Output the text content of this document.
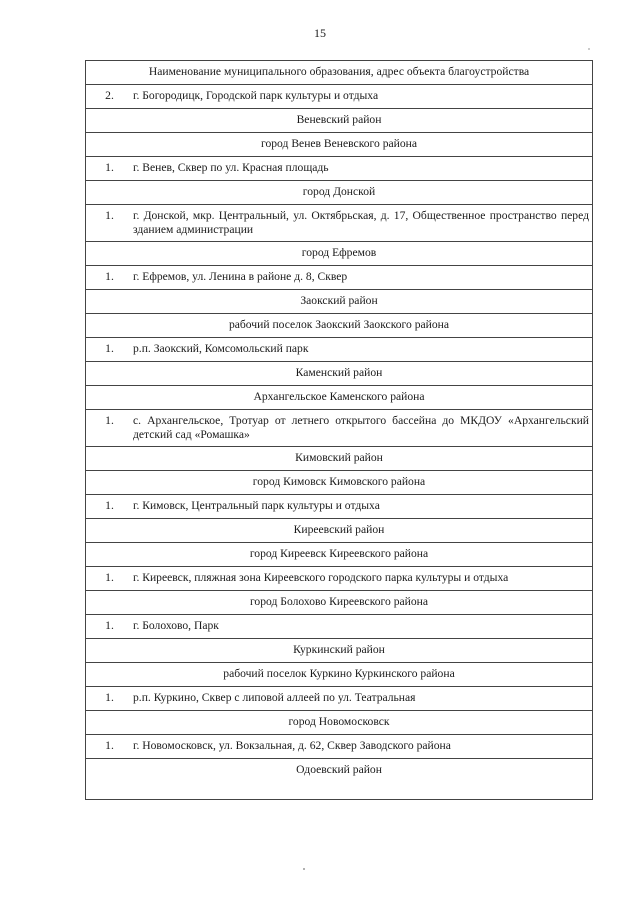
15
Наименование муниципального образования, адрес объекта благоустройства

2.	г. Богородицк, Городской парк культуры и отдыха

Веневский район
город Венев Веневского района

1.	г. Венев, Сквер по ул. Красная площадь

город Донской

1.	г. Донской, мкр. Центральный, ул. Октябрьская, д. 17, Общественное пространство перед зданием администрации

город Ефремов

1.	г. Ефремов, ул. Ленина в районе д. 8, Сквер

Заокский район
рабочий поселок Заокский Заокского района

1.	р.п. Заокский, Комсомольский парк

Каменский район
Архангельское Каменского района

1.	с. Архангельское, Тротуар от летнего открытого бассейна до МКДОУ «Архангельский детский сад «Ромашка»

Кимовский район
город Кимовск Кимовского района

1.	г. Кимовск, Центральный парк культуры и отдыха

Киреевский район
город Киреевск Киреевского района

1.	г. Киреевск, пляжная зона Киреевского городского парка культуры и отдыха

город Болохово Киреевского района

1.	г. Болохово, Парк

Куркинский район
рабочий поселок Куркино Куркинского района

1.	р.п. Куркино, Сквер с липовой аллеей по ул. Театральная

город Новомосковск

1.	г. Новомосковск, ул. Вокзальная, д. 62, Сквер Заводского района

Одоевский район
